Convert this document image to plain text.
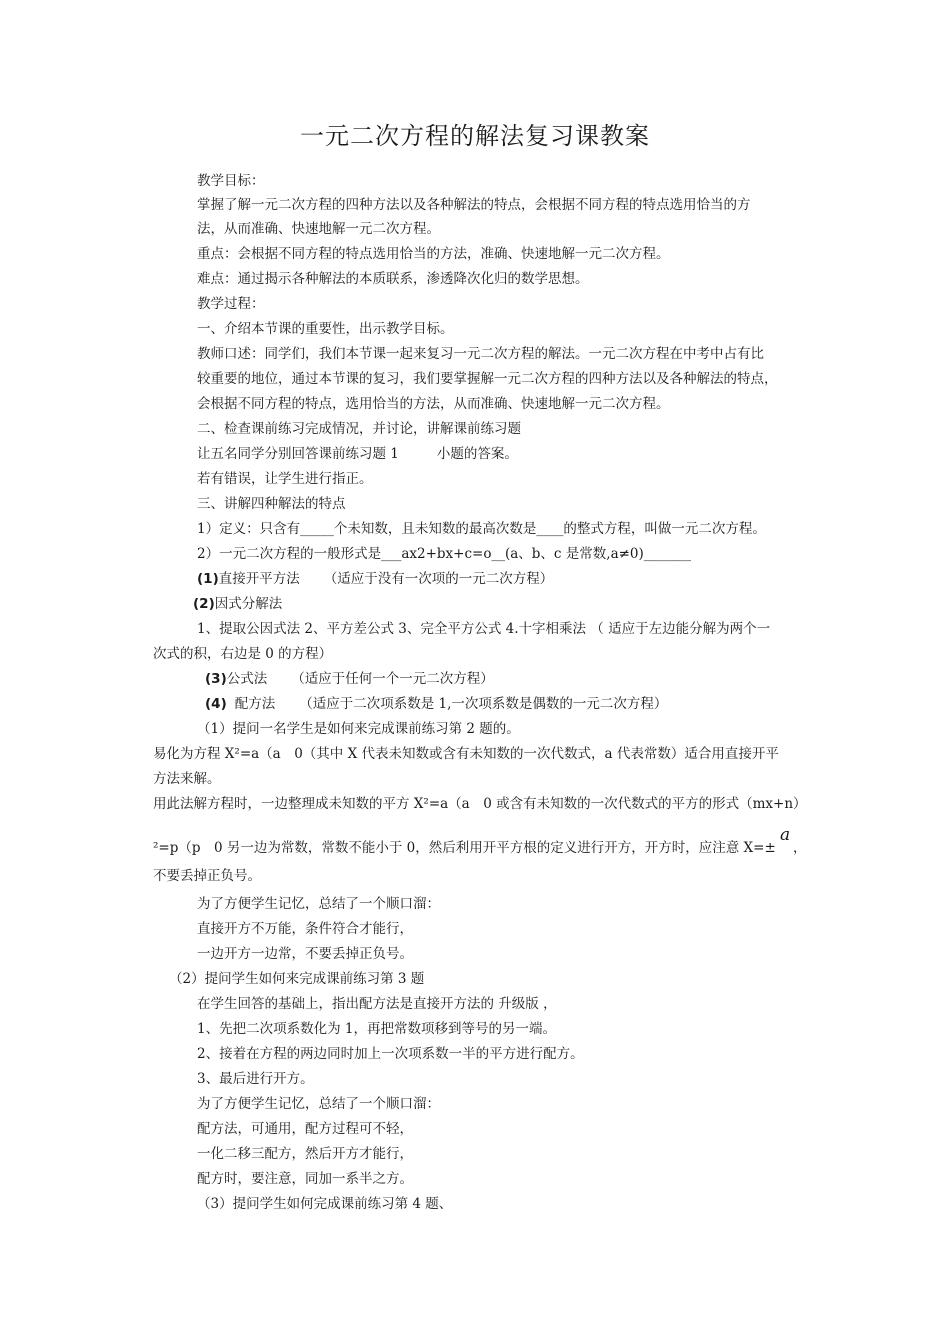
一元二次方程的解法复习课教案
教学目标：
掌握了解一元二次方程的四种方法以及各种解法的特点，会根据不同方程的特点选用恰当的方
法，从而准确、快速地解一元二次方程。
重点：会根据不同方程的特点选用恰当的方法，准确、快速地解一元二次方程。
难点：通过揭示各种解法的本质联系，渗透降次化归的数学思想。
教学过程：
一、介绍本节课的重要性，出示教学目标。
教师口述：同学们，我们本节课一起来复习一元二次方程的解法。一元二次方程在中考中占有比
较重要的地位，通过本节课的复习，我们要掌握解一元二次方程的四种方法以及各种解法的特点，
会根据不同方程的特点，选用恰当的方法，从而准确、快速地解一元二次方程。
二、检查课前练习完成情况，并讨论，讲解课前练习题
让五名同学分别回答课前练习题 1	小题的答案。
若有错误，让学生进行指正。
三、讲解四种解法的特点
1）定义：只含有_____个未知数，且未知数的最高次数是____的整式方程，叫做一元二次方程。
2）一元二次方程的一般形式是___ax2+bx+c=o__(a、b、c 是常数,a≠0)_______
(1)直接开平方法 （适应于没有一次项的一元二次方程）
(2)因式分解法
1、提取公因式法 2、平方差公式 3、完全平方公式 4.十字相乘法 （ 适应于左边能分解为两个一
次式的积，右边是 0 的方程）
(3)公式法 （适应于任何一个一元二次方程）
(4) 配方法 （适应于二次项系数是 1,一次项系数是偶数的一元二次方程）
（1）提问一名学生是如何来完成课前练习第 2 题的。
易化为方程 X²=a（a　0（其中 X 代表未知数或含有未知数的一次代数式，a 代表常数）适合用直接开平
方法来解。
用此法解方程时，一边整理成未知数的平方 X²=a（a　0 或含有未知数的一次代数式的平方的形式（mx+n）
²=p（p　0 另一边为常数，常数不能小于 0，然后利用开平方根的定义进行开方，开方时，应注意 X=± ，
a
不要丢掉正负号。
为了方便学生记忆，总结了一个顺口溜：
直接开方不万能，条件符合才能行，
一边开方一边常，不要丢掉正负号。
（2）提问学生如何来完成课前练习第 3 题
在学生回答的基础上，指出配方法是直接开方法的 升级版 ，
1、先把二次项系数化为 1，再把常数项移到等号的另一端。
2、接着在方程的两边同时加上一次项系数一半的平方进行配方。
3、最后进行开方。
为了方便学生记忆，总结了一个顺口溜：
配方法，可通用，配方过程可不轻，
一化二移三配方，然后开方才能行，
配方时，要注意，同加一系半之方。
（3）提问学生如何完成课前练习第 4 题、
